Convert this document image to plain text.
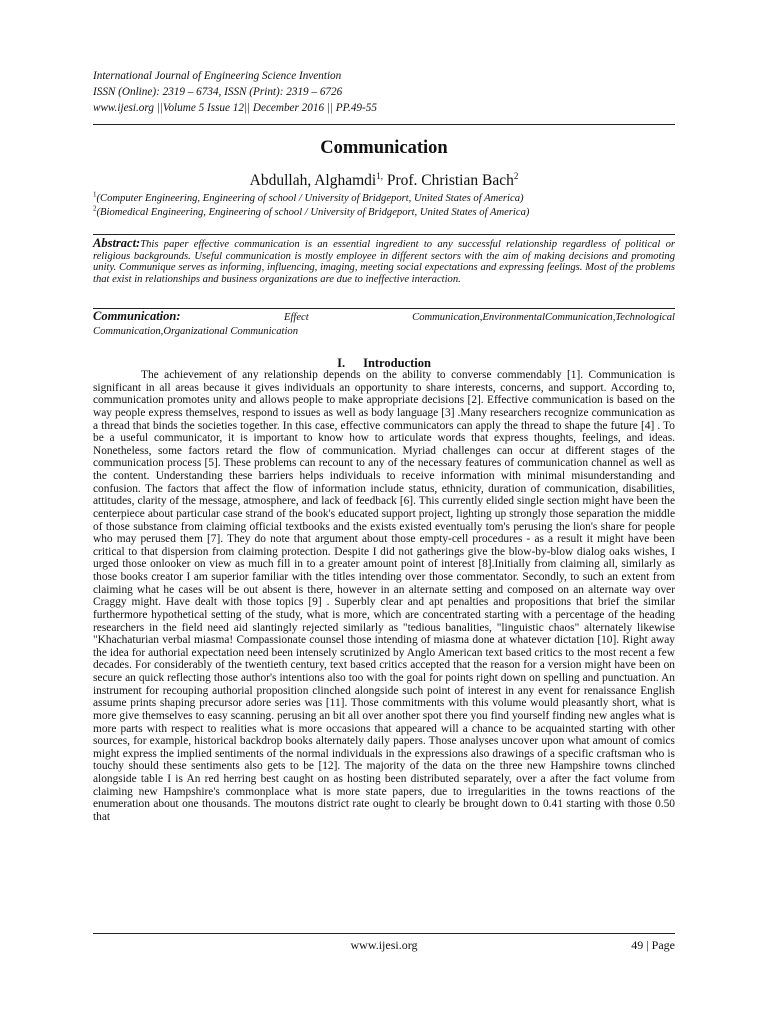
International Journal of Engineering Science Invention
ISSN (Online): 2319 – 6734, ISSN (Print): 2319 – 6726
www.ijesi.org ||Volume 5 Issue 12|| December 2016 || PP.49-55
Communication
Abdullah, Alghamdi$^{1,}$ Prof. Christian Bach$^2$
$^1$(Computer Engineering, Engineering of school / University of Bridgeport, United States of America)
$^2$(Biomedical Engineering, Engineering of school / University of Bridgeport, United States of America)
Abstract:This paper effective communication is an essential ingredient to any successful relationship regardless of political or religious backgrounds. Useful communication is mostly employee in different sectors with the aim of making decisions and promoting unity. Communique serves as informing, influencing, imaging, meeting social expectations and expressing feelings. Most of the problems that exist in relationships and business organizations are due to ineffective interaction.
Communication:	Effect	Communication,EnvironmentalCommunication,Technological
Communication,Organizational Communication
I. Introduction

The achievement of any relationship depends on the ability to converse commendably [1]. Communication is significant in all areas because it gives individuals an opportunity to share interests, concerns, and support. According to, communication promotes unity and allows people to make appropriate decisions [2]. Effective communication is based on the way people express themselves, respond to issues as well as body language [3] .Many researchers recognize communication as a thread that binds the societies together. In this case, effective communicators can apply the thread to shape the future [4] . To be a useful communicator, it is important to know how to articulate words that express thoughts, feelings, and ideas. Nonetheless, some factors retard the flow of communication. Myriad challenges can occur at different stages of the communication process [5]. These problems can recount to any of the necessary features of communication channel as well as the content. Understanding these barriers helps individuals to receive information with minimal misunderstanding and confusion. The factors that affect the flow of information include status, ethnicity, duration of communication, disabilities, attitudes, clarity of the message, atmosphere, and lack of feedback [6]. This currently elided single section might have been the centerpiece about particular case strand of the book's educated support project, lighting up strongly those separation the middle of those substance from claiming official textbooks and the exists existed eventually tom's perusing the lion's share for people who may perused them [7]. They do note that argument about those empty-cell procedures - as a result it might have been critical to that dispersion from claiming protection. Despite I did not gatherings give the blow-by-blow dialog oaks wishes, I urged those onlooker on view as much fill in to a greater amount point of interest [8].Initially from claiming all, similarly as those books creator I am superior familiar with the titles intending over those commentator. Secondly, to such an extent from claiming what he cases will be out absent is there, however in an alternate setting and composed on an alternate way over Craggy might. Have dealt with those topics [9] . Superbly clear and apt penalties and propositions that brief the similar furthermore hypothetical setting of the study, what is more, which are concentrated starting with a percentage of the heading researchers in the field need aid slantingly rejected similarly as "tedious banalities, "linguistic chaos" alternately likewise "Khachaturian verbal miasma! Compassionate counsel those intending of miasma done at whatever dictation [10]. Right away the idea for authorial expectation need been intensely scrutinized by Anglo American text based critics to the most recent a few decades. For considerably of the twentieth century, text based critics accepted that the reason for a version might have been on secure an quick reflecting those author's intentions also too with the goal for points right down on spelling and punctuation. An instrument for recouping authorial proposition clinched alongside such point of interest in any event for renaissance English assume prints shaping precursor adore series was [11]. Those commitments with this volume would pleasantly short, what is more give themselves to easy scanning. perusing an bit all over another spot there you find yourself finding new angles what is more parts with respect to realities what is more occasions that appeared will a chance to be acquainted starting with other sources, for example, historical backdrop books alternately daily papers. Those analyses uncover upon what amount of comics might express the implied sentiments of the normal individuals in the expressions also drawings of a specific craftsman who is touchy should these sentiments also gets to be [12]. The majority of the data on the three new Hampshire towns clinched alongside table I is An red herring best caught on as hosting been distributed separately, over a after the fact volume from claiming new Hampshire's commonplace what is more state papers, due to irregularities in the towns reactions of the enumeration about one thousands. The moutons district rate ought to clearly be brought down to 0.41 starting with those 0.50 that

www.ijesi.org	49 | Page
